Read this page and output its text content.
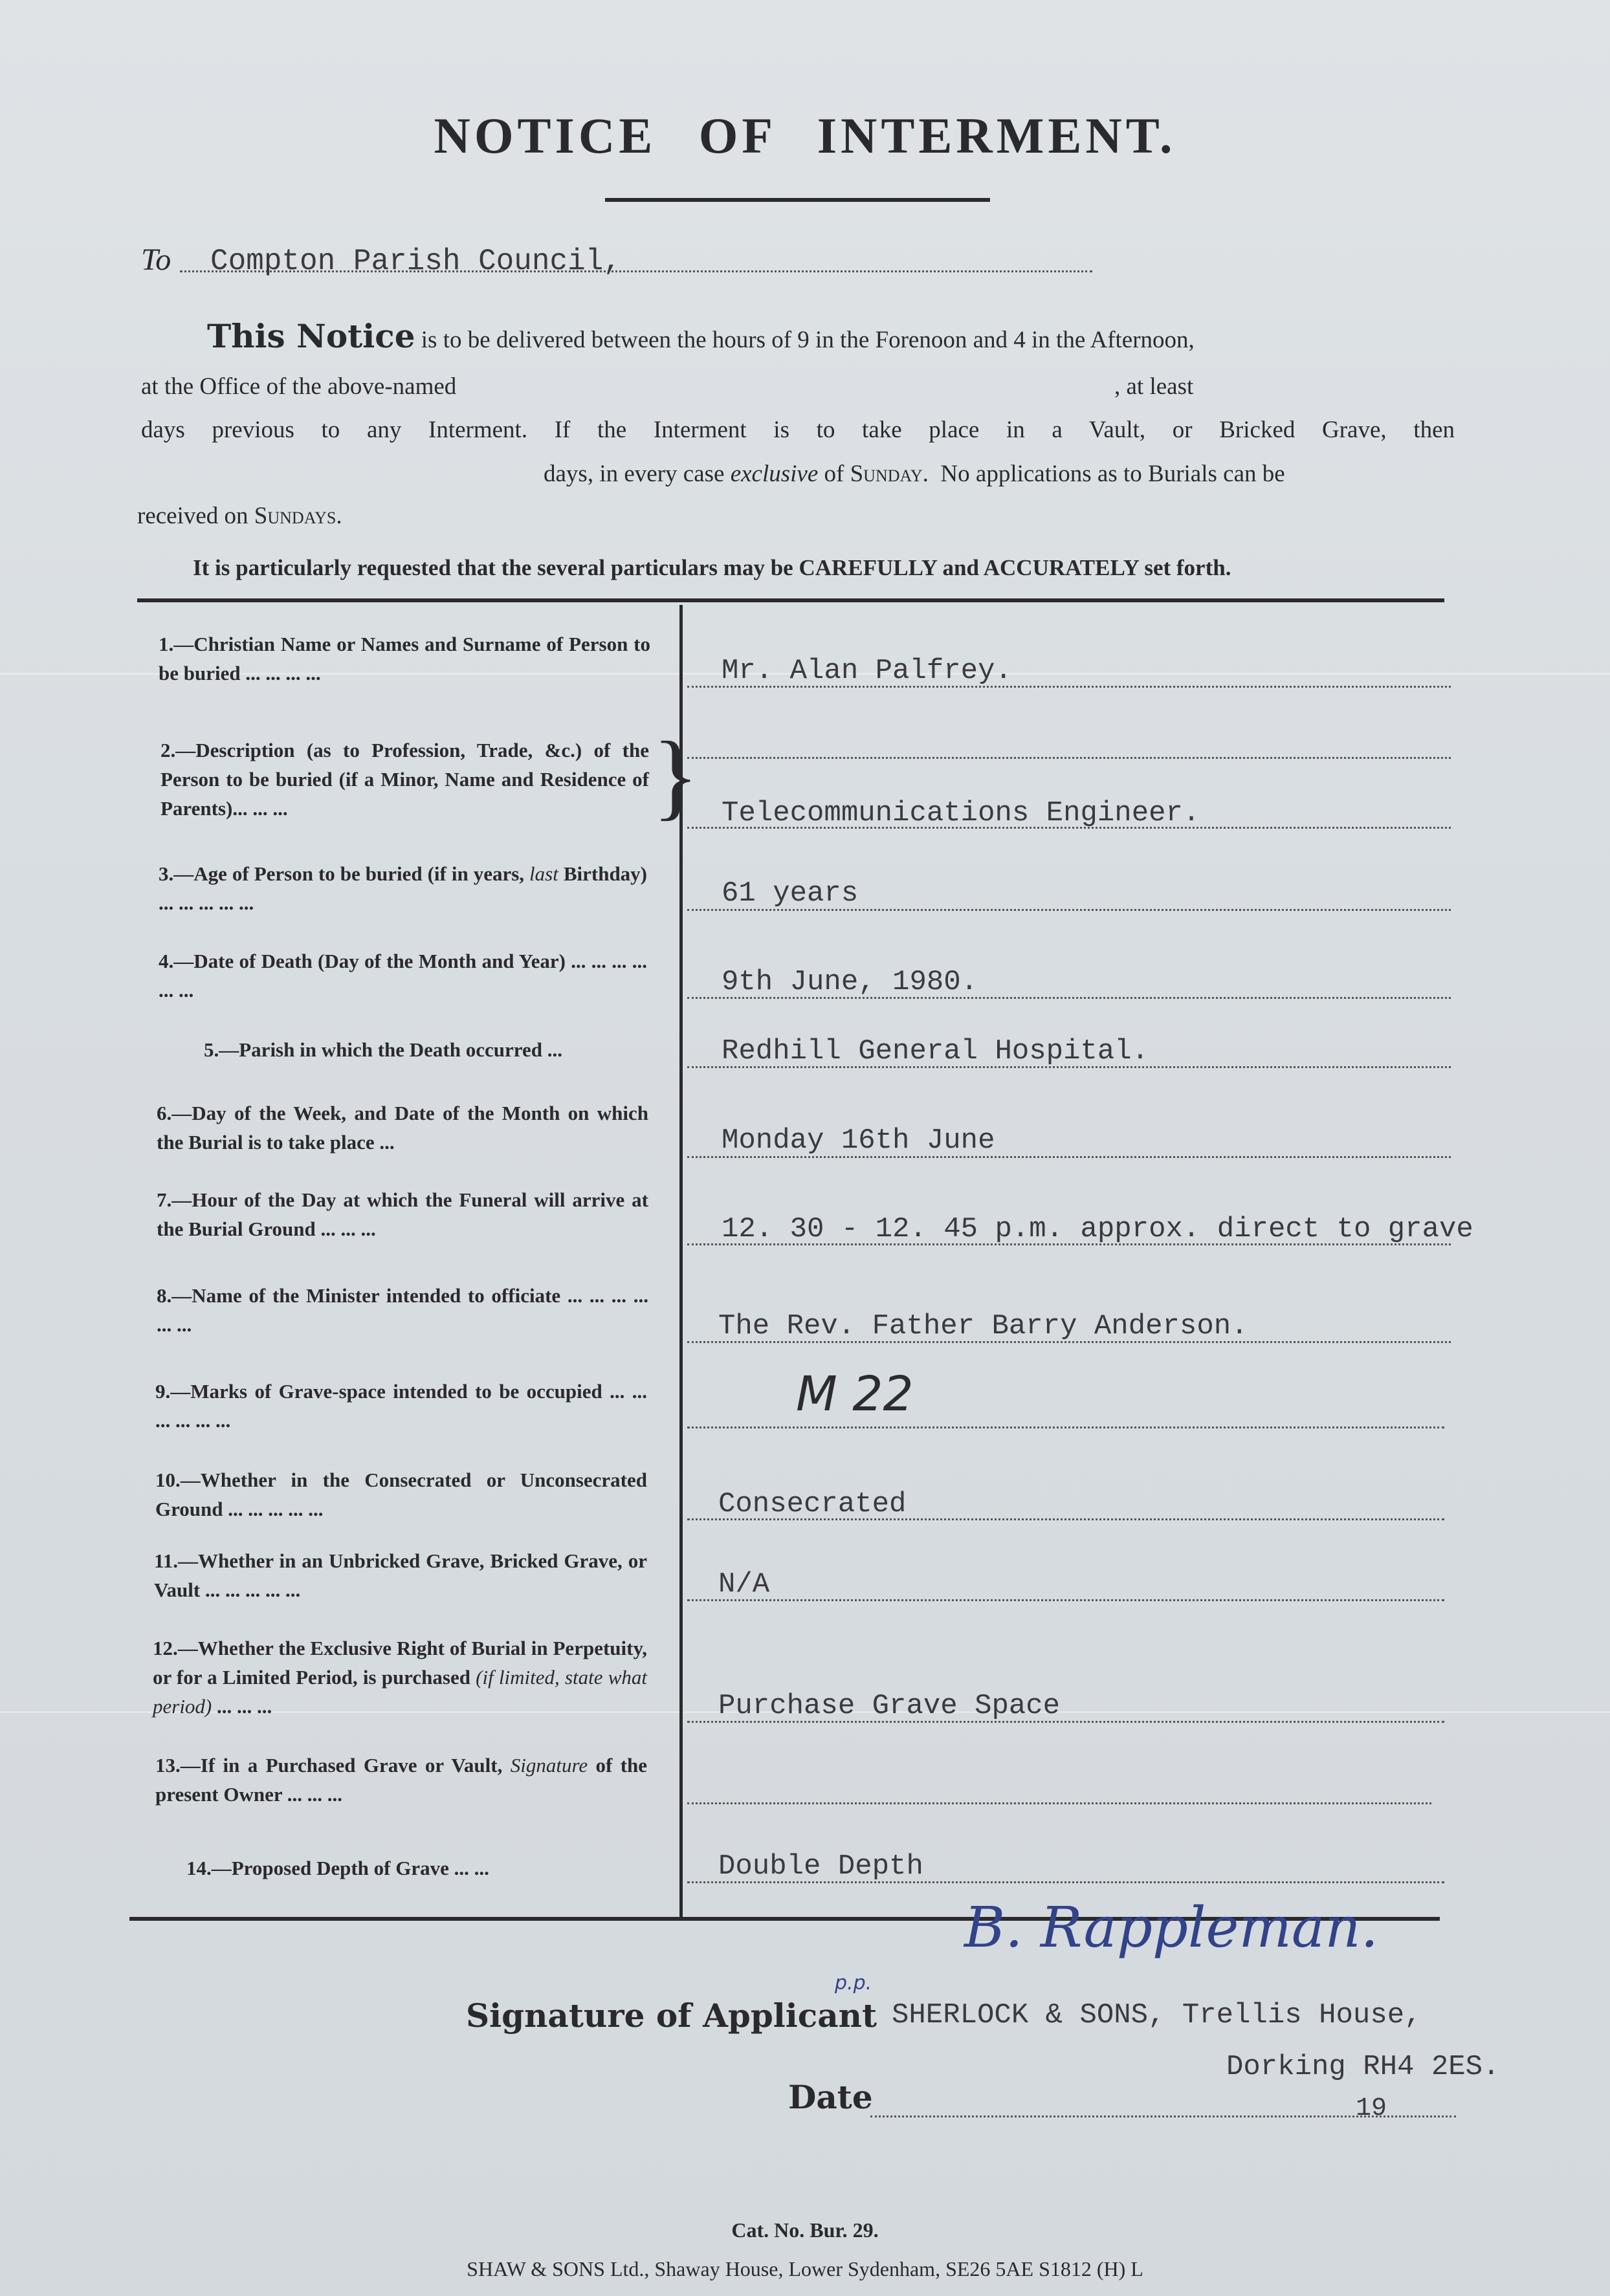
NOTICE OF INTERMENT.
To Compton Parish Council,
This Notice is to be delivered between the hours of 9 in the Forenoon and 4 in the Afternoon,
at the Office of the above-named	, at least
days previous to any Interment. If the Interment is to take place in a Vault, or Bricked Grave, then
days, in every case exclusive of Sunday. No applications as to Burials can be
received on Sundays.
It is particularly requested that the several particulars may be CAREFULLY and ACCURATELY set forth.
1.—Christian Name or Names and Surname of Person to be buried ... ... ... ...	Mr. Alan Palfrey.
2.—Description (as to Profession, Trade, &c.) of the Person to be buried (if a Minor, Name and Residence of Parents)... ... ...	} Telecommunications Engineer.
3.—Age of Person to be buried (if in years, last Birthday) ... ... ... ... ...	61 years
4.—Date of Death (Day of the Month and Year) ... ... ... ... ... ...	9th June, 1980.
5.—Parish in which the Death occurred ...	Redhill General Hospital.
6.—Day of the Week, and Date of the Month on which the Burial is to take place ...	Monday 16th June
7.—Hour of the Day at which the Funeral will arrive at the Burial Ground ... ... ...	12. 30 - 12. 45 p.m. approx. direct to grave
8.—Name of the Minister intended to officiate ... ... ... ... ... ...	The Rev. Father Barry Anderson.
9.—Marks of Grave-space intended to be occupied ... ... ... ... ... ...	M 22
10.—Whether in the Consecrated or Unconsecrated Ground ... ... ... ... ...	Consecrated
11.—Whether in an Unbricked Grave, Bricked Grave, or Vault ... ... ... ... ...	N/A
12.—Whether the Exclusive Right of Burial in Perpetuity, or for a Limited Period, is purchased (if limited, state what period) ... ... ...	Purchase Grave Space
13.—If in a Purchased Grave or Vault, Signature of the present Owner ... ... ...
14.—Proposed Depth of Grave ... ...	Double Depth
B. Rappleman.
p.p.
Signature of Applicant SHERLOCK & SONS, Trellis House,
Dorking RH4 2ES.
Date	19
Cat. No. Bur. 29.
SHAW & SONS Ltd., Shaway House, Lower Sydenham, SE26 5AE S1812 (H) L
